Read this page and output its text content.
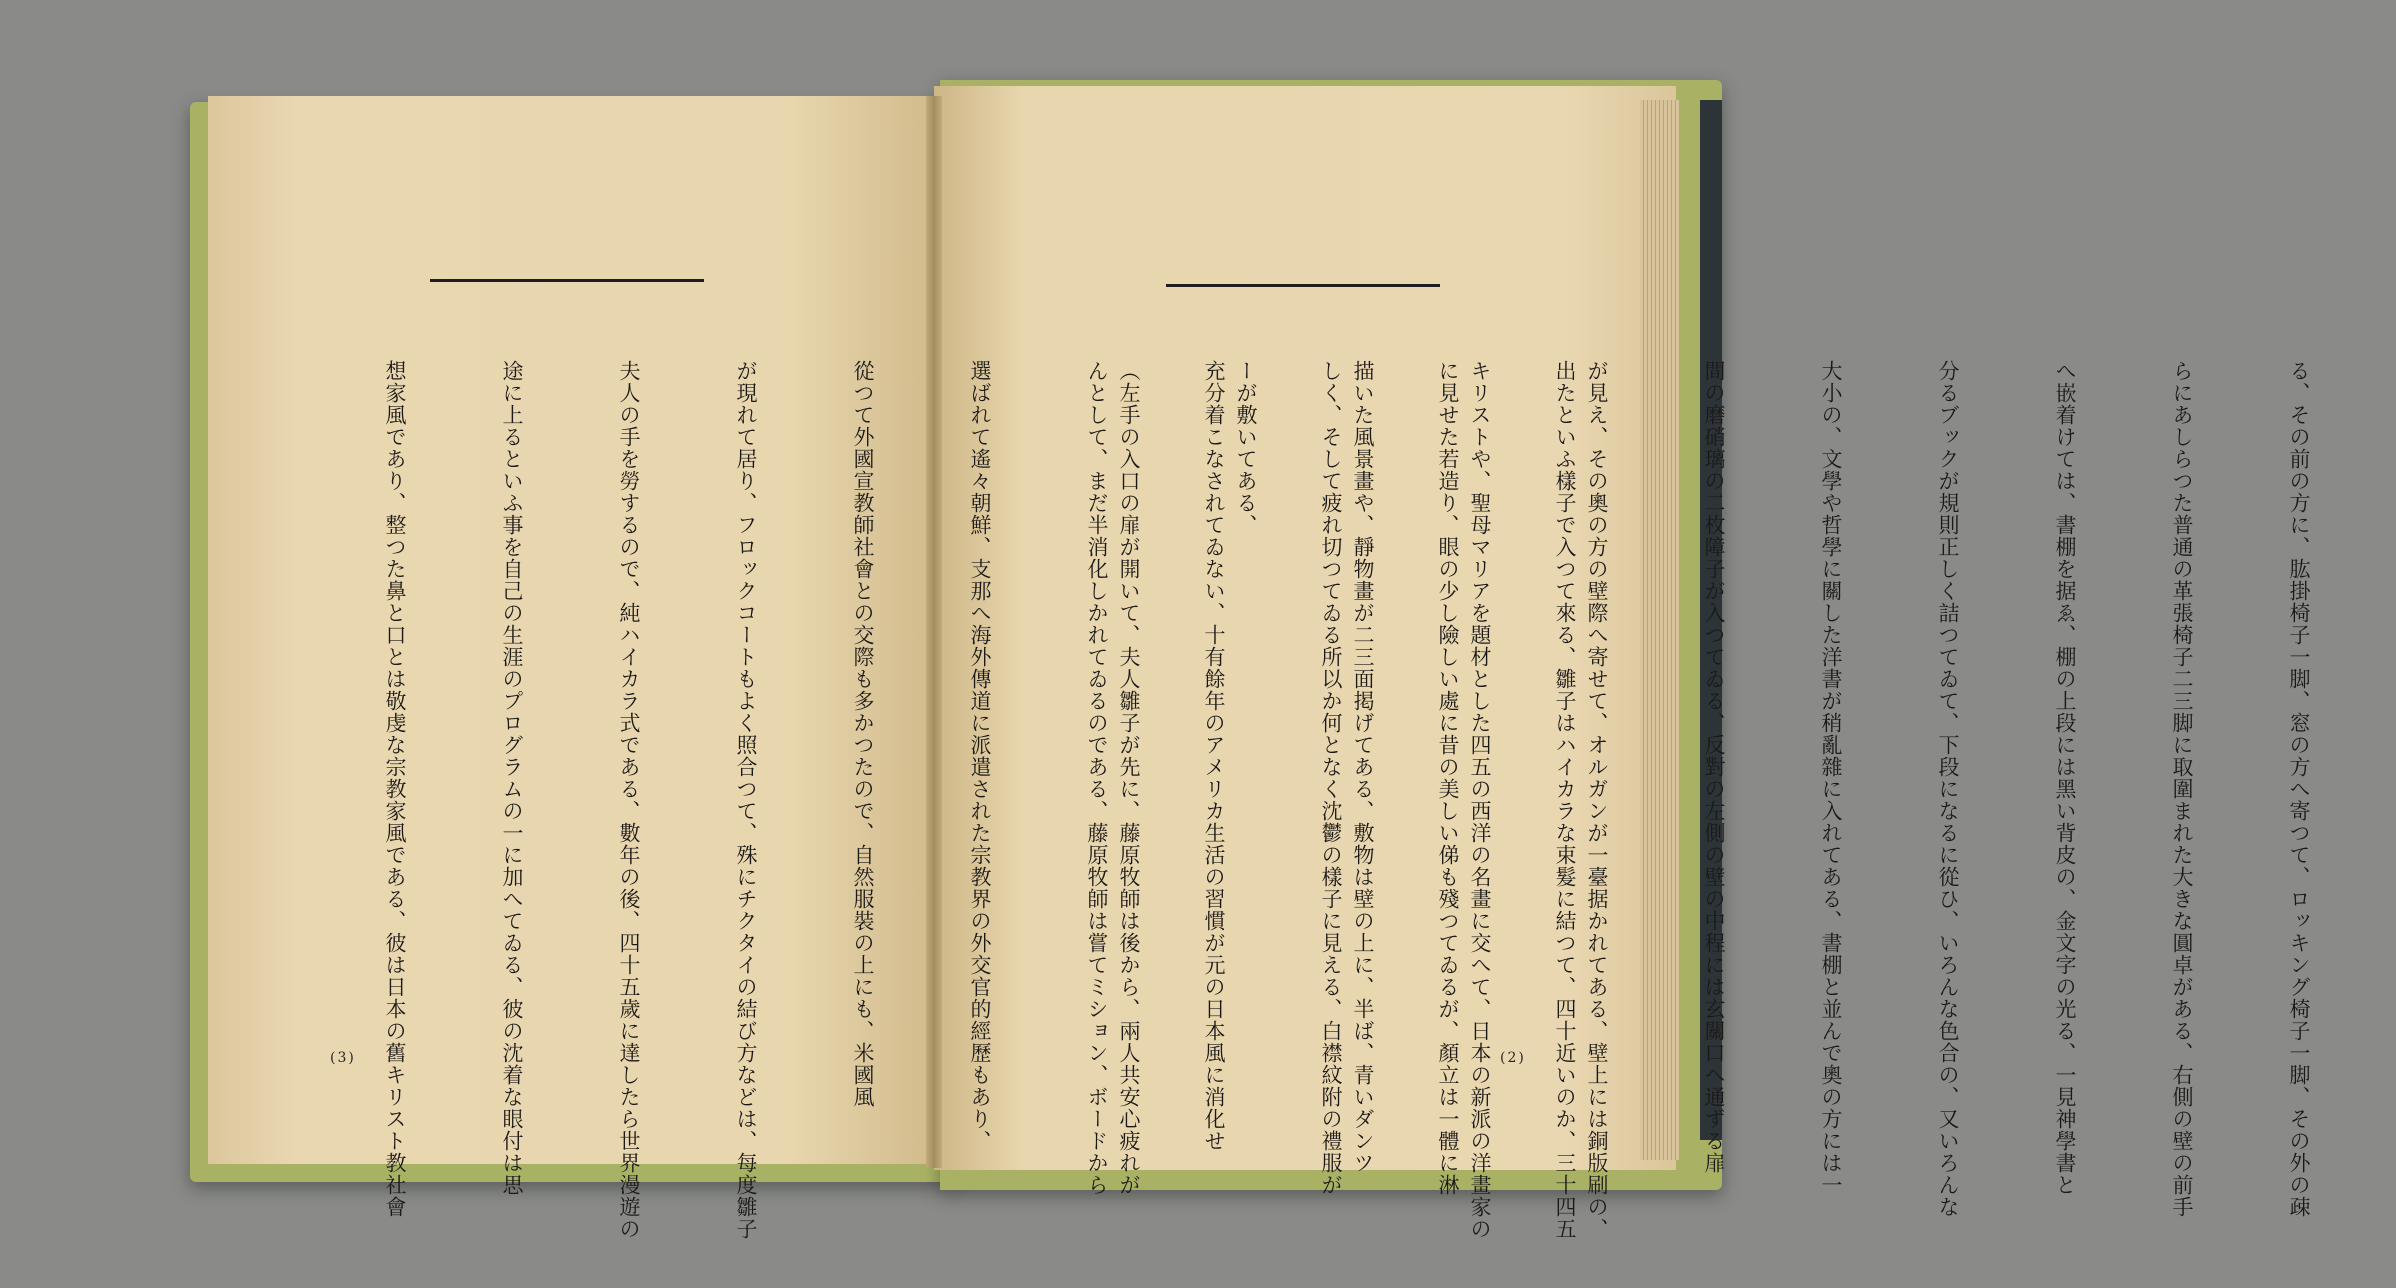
出たといふ樣子で入つて來る、雛子はハイカラな束髮に結つて、四十近いのか、三十四五

に見せた若造り、眼の少し險しい處に昔の美しい俤も殘つてゐるが、顏立は一體に淋

しく、そして疲れ切つてゐる所以か何となく沈鬱の樣子に見える、白襟紋附の禮服が

充分着こなされてゐない、十有餘年のアメリカ生活の習慣が元の日本風に消化せ

んとして、まだ半消化しかれてゐるのである、藤原牧師は嘗てミション、ボードから

選ばれて遙々朝鮮、支那へ海外傳道に派遣された宗教界の外交官的經歷もあり、

從つて外國宣教師社會との交際も多かつたので、自然服裝の上にも、米國風

が現れて居り、フロックコートもよく照合つて、殊にチクタイの結び方などは、每度雛子

夫人の手を勞するので、純ハイカラ式である、數年の後、四十五歲に達したら世界漫遊の

途に上るといふ事を自己の生涯のプログラムの一に加へてゐる、彼の沈着な眼付は思

想家風であり、整つた鼻と口とは敬虔な宗教家風である、彼は日本の舊キリスト教社會

	る、その前の方に、肱掛椅子一脚、窓の方へ寄つて、ロッキング椅子一脚、その外の疎

らにあしらつた普通の革張椅子二三脚に取圍まれた大きな圓卓がある、右側の壁の前手

へ嵌着けては、書棚を据ゑ、棚の上段には黑い背皮の、金文字の光る、一見神學書と

分るブックが規則正しく詰つてゐて、下段になるに從ひ、いろんな色合の、又いろんな

大小の、文學や哲學に關した洋書が稍亂雜に入れてある、書棚と並んで奧の方には一

間の磨硝璃の二枚障子が入つてゐる、反對の左側の壁の中程には玄關口へ通ずる扉

が見え、その奧の方の壁際へ寄せて、オルガンが一臺据かれてある、壁上には銅版刷の、

キリストや、聖母マリアを題材とした四五の西洋の名畫に交へて、日本の新派の洋畫家の

描いた風景畫や、靜物畫が二三面掲げてある、敷物は壁の上に、半ば、青いダンツ

ーが敷いてある、

（左手の入口の扉が開いて、夫人雛子が先に、藤原牧師は後から、兩人共安心疲れが

(3)	(2)
